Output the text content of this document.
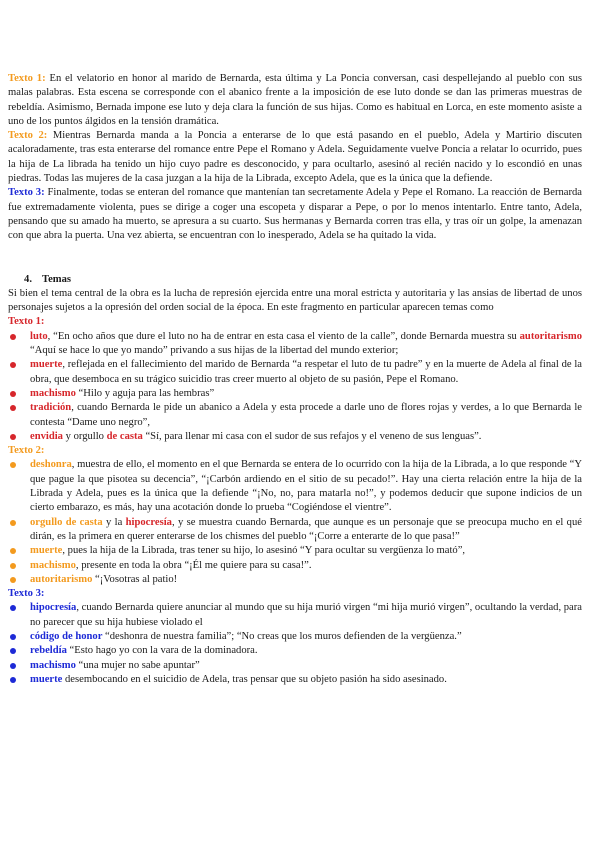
Texto 1: En el velatorio en honor al marido de Bernarda, esta última y La Poncia conversan, casi despellejando al pueblo con sus malas palabras. Esta escena se corresponde con el abanico frente a la imposición de ese luto donde se dan las primeras muestras de rebeldía. Asimismo, Bernada impone ese luto y deja clara la función de sus hijas. Como es habitual en Lorca, en este momento asiste a uno de los puntos álgidos en la tensión dramática.

Texto 2: Mientras Bernarda manda a la Poncia a enterarse de lo que está pasando en el pueblo, Adela y Martirio discuten acaloradamente, tras esta enterarse del romance entre Pepe el Romano y Adela. Seguidamente vuelve Poncia a relatar lo ocurrido, pues la hija de La librada ha tenido un hijo cuyo padre es desconocido, y para ocultarlo, asesinó al recién nacido y lo escondió en unas piedras. Todas las mujeres de la casa juzgan a la hija de la Librada, excepto Adela, que es la única que la defiende.

Texto 3: Finalmente, todas se enteran del romance que mantenían tan secretamente Adela y Pepe el Romano. La reacción de Bernarda fue extremadamente violenta, pues se dirige a coger una escopeta y disparar a Pepe, o por lo menos intentarlo. Entre tanto, Adela, pensando que su amado ha muerto, se apresura a su cuarto. Sus hermanas y Bernarda corren tras ella, y tras oír un golpe, la amenazan con que abra la puerta. Una vez abierta, se encuentran con lo inesperado, Adela se ha quitado la vida.

4. Temas

Si bien el tema central de la obra es la lucha de represión ejercida entre una moral estricta y autoritaria y las ansias de libertad de unos personajes sujetos a la opresión del orden social de la época. En este fragmento en particular aparecen temas como

Texto 1:
luto, “En ocho años que dure el luto no ha de entrar en esta casa el viento de la calle”, donde Bernarda muestra su autoritarismo “Aquí se hace lo que yo mando” privando a sus hijas de la libertad del mundo exterior;
muerte, reflejada en el fallecimiento del marido de Bernarda “a respetar el luto de tu padre” y en la muerte de Adela al final de la obra, que desemboca en su trágico suicidio tras creer muerto al objeto de su pasión, Pepe el Romano.
machismo “Hilo y aguja para las hembras”
tradición, cuando Bernarda le pide un abanico a Adela y esta procede a darle uno de flores rojas y verdes, a lo que Bernarda le contesta “Dame uno negro”,
envidia y orgullo de casta “Sí, para llenar mi casa con el sudor de sus refajos y el veneno de sus lenguas”.
Texto 2:
deshonra, muestra de ello, el momento en el que Bernarda se entera de lo ocurrido con la hija de la Librada, a lo que responde “Y que pague la que pisotea su decencia”, “¡Carbón ardiendo en el sitio de su pecado!”. Hay una cierta relación entre la hija de la Librada y Adela, pues es la única que la defiende “¡No, no, para matarla no!”, y podemos deducir que supone indicios de un cierto embarazo, es más, hay una acotación donde lo prueba “Cogiéndose el vientre”.
orgullo de casta y la hipocresía, y se muestra cuando Bernarda, que aunque es un personaje que se preocupa mucho en el qué dirán, es la primera en querer enterarse de los chismes del pueblo “¡Corre a enterarte de lo que pasa!”
muerte, pues la hija de la Librada, tras tener su hijo, lo asesinó “Y para ocultar su vergüenza lo mató”,
machismo, presente en toda la obra “¡Él me quiere para su casa!”.
autoritarismo “¡Vosotras al patio!
Texto 3:
hipocresía, cuando Bernarda quiere anunciar al mundo que su hija murió virgen “mi hija murió virgen”, ocultando la verdad, para no parecer que su hija hubiese violado el
código de honor “deshonra de nuestra familia”; “No creas que los muros defienden de la vergüenza.”
rebeldía “Esto hago yo con la vara de la dominadora.
machismo “una mujer no sabe apuntar”
muerte desembocando en el suicidio de Adela, tras pensar que su objeto pasión ha sido asesinado.
